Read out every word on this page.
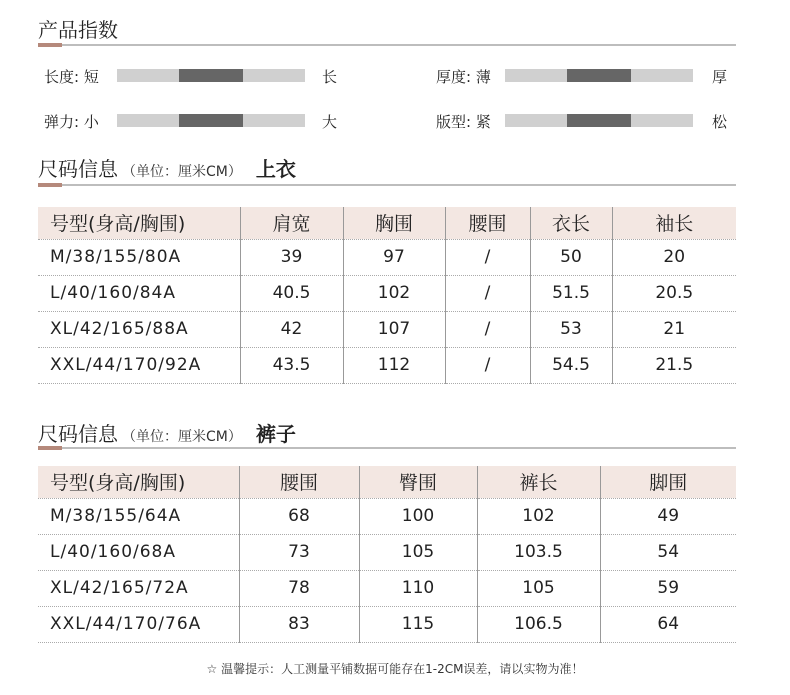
产品指数
长度: 短	长	厚度: 薄	厚
弹力: 小	大	版型: 紧	松
尺码信息 （单位：厘米CM） 上衣
号型(身高/胸围)	肩宽	胸围	腰围	衣长	袖长
M/38/155/80A	39	97	/	50	20
L/40/160/84A	40.5	102	/	51.5	20.5
XL/42/165/88A	42	107	/	53	21
XXL/44/170/92A	43.5	112	/	54.5	21.5
尺码信息 （单位：厘米CM） 裤子
号型(身高/胸围)	腰围	臀围	裤长	脚围
M/38/155/64A	68	100	102	49
L/40/160/68A	73	105	103.5	54
XL/42/165/72A	78	110	105	59
XXL/44/170/76A	83	115	106.5	64
☆ 温馨提示：人工测量平铺数据可能存在1-2CM误差，请以实物为准！
